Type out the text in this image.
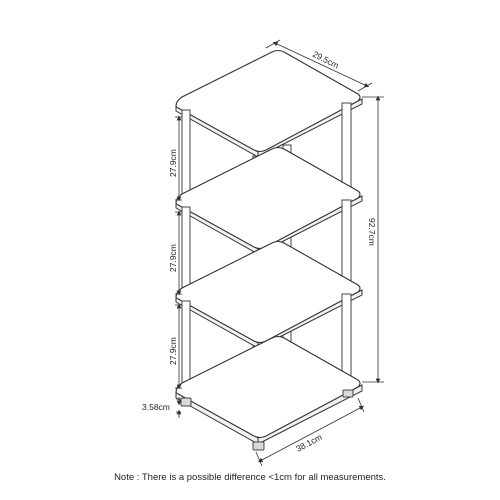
29.5cm
92.7cm
27.9cm
27.9cm
27.9cm
3.58cm
38.1cm
Note : There is a possible difference <1cm for all measurements.
